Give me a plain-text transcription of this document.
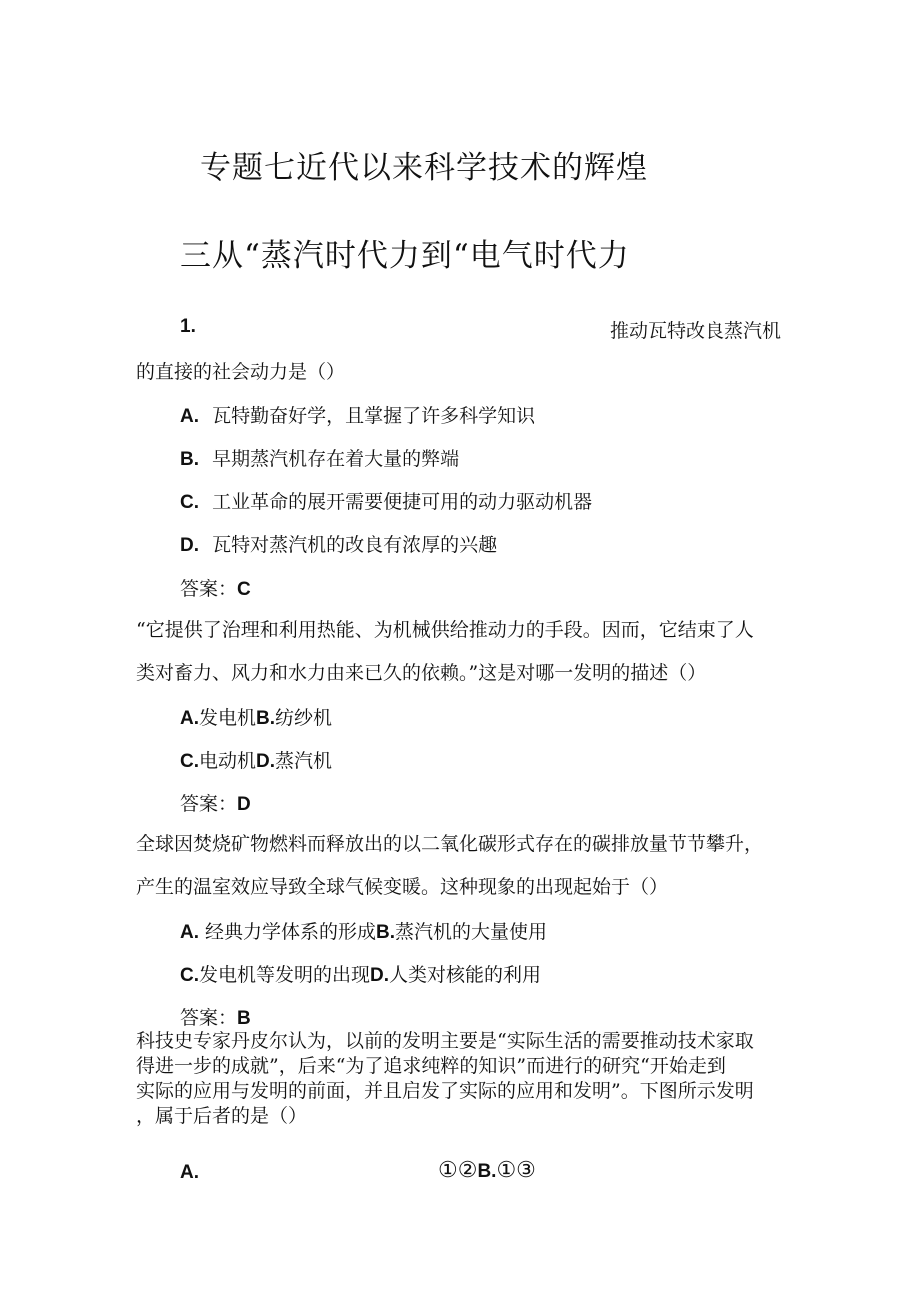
专题七近代以来科学技术的辉煌
三从“蒸汽时代力到“电气时代力
1.	推动瓦特改良蒸汽机
的直接的社会动力是（）
A. 瓦特勤奋好学，且掌握了许多科学知识
B. 早期蒸汽机存在着大量的弊端
C. 工业革命的展开需要便捷可用的动力驱动机器
D. 瓦特对蒸汽机的改良有浓厚的兴趣
答案：C
“它提供了治理和利用热能、为机械供给推动力的手段。因而，它结束了人
类对畜力、风力和水力由来已久的依赖。”这是对哪一发明的描述（）
A.发电机B.纺纱机
C.电动机D.蒸汽机
答案：D
全球因焚烧矿物燃料而释放出的以二氧化碳形式存在的碳排放量节节攀升，
产生的温室效应导致全球气候变暖。这种现象的出现起始于（）
A. 经典力学体系的形成B.蒸汽机的大量使用
C.发电机等发明的出现D.人类对核能的利用
答案：B
科技史专家丹皮尔认为，以前的发明主要是“实际生活的需要推动技术家取
得进一步的成就”，后来“为了追求纯粹的知识”而进行的研究“开始走到
实际的应用与发明的前面，并且启发了实际的应用和发明”。下图所示发明
，属于后者的是（）
A.	①②B.①③
